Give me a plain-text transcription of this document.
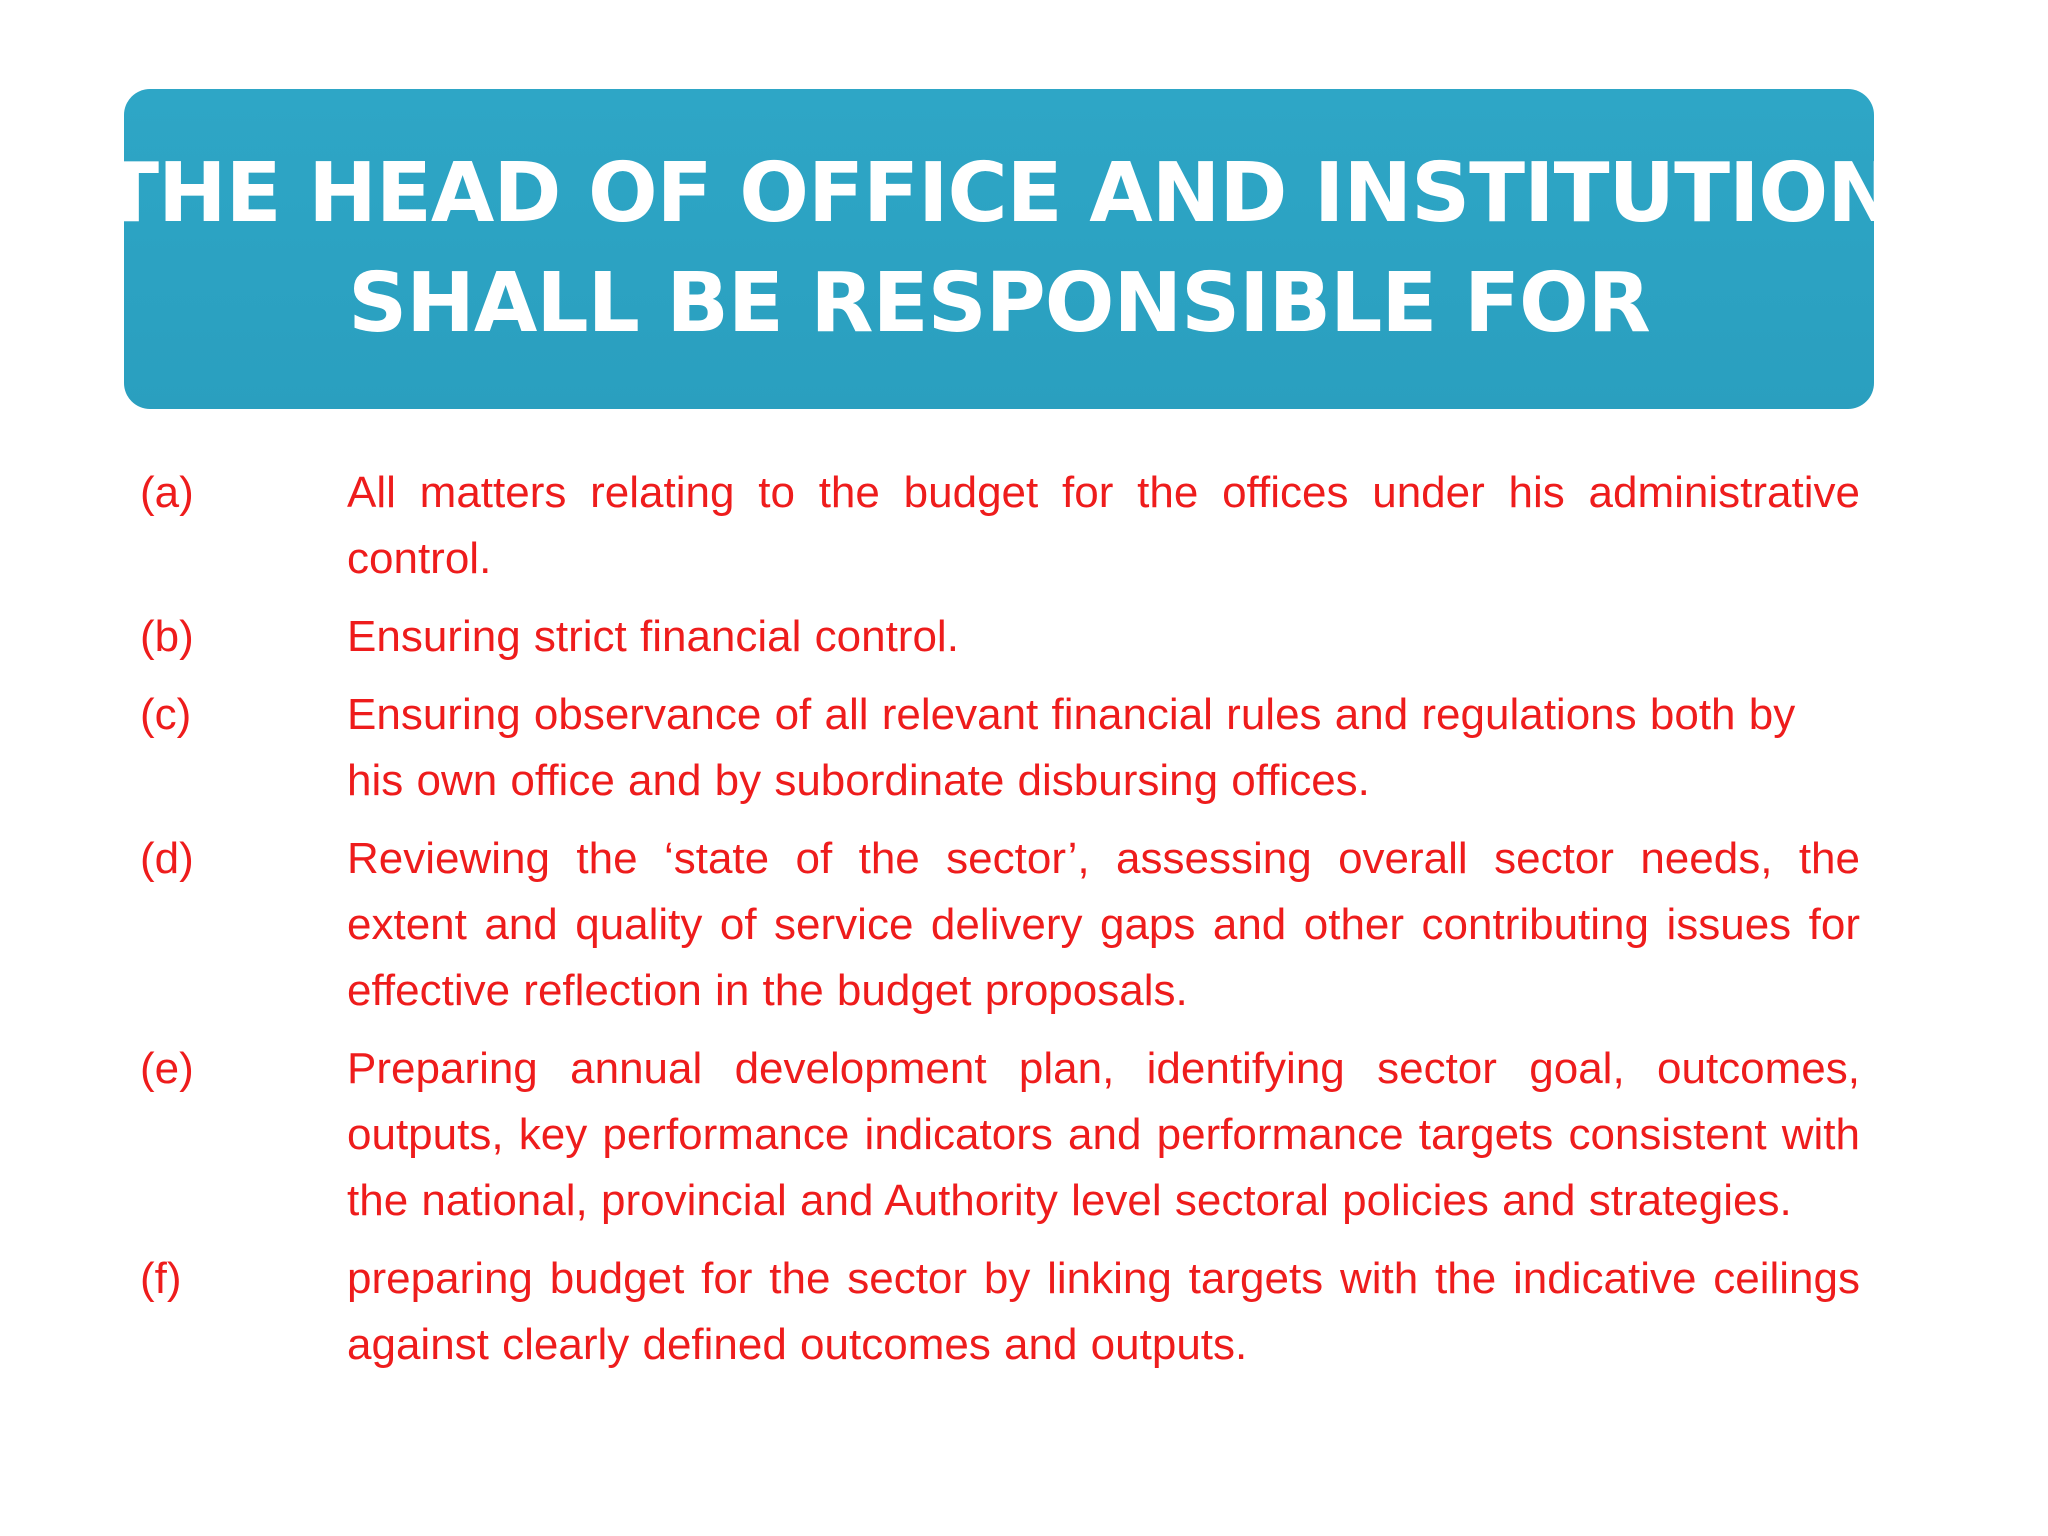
THE HEAD OF OFFICE AND INSTITUTION
SHALL BE RESPONSIBLE FOR
(a)	All matters relating to the budget for the offices under his administrative control.
(b)	Ensuring strict financial control.
(c)	Ensuring observance of all relevant financial rules and regulations both by his own office and by subordinate disbursing offices.
(d)	Reviewing the ‘state of the sector’, assessing overall sector needs, the extent and quality of service delivery gaps and other contributing issues for effective reflection in the budget proposals.
(e)	Preparing annual development plan, identifying sector goal, outcomes, outputs, key performance indicators and performance targets consistent with the national, provincial and Authority level sectoral policies and strategies.
(f)	preparing budget for the sector by linking targets with the indicative ceilings against clearly defined outcomes and outputs.
